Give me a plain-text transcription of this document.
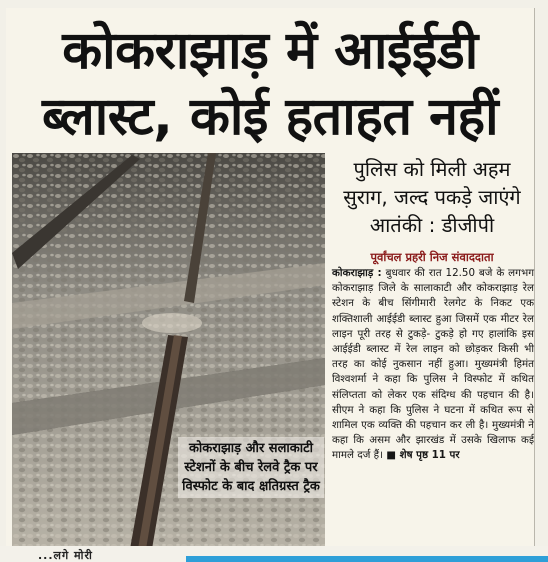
कोकराझाड़ में आईईडी
ब्लास्ट, कोई हताहत नहीं
कोकराझाड़ और सलाकाटी स्टेशनों के बीच रेलवे ट्रैक पर विस्फोट के बाद क्षतिग्रस्त ट्रैक
पुलिस को मिली अहम सुराग, जल्द पकड़े जाएंगे आतंकी : डीजीपी
पूर्वांचल प्रहरी निज संवाददाता
कोकराझाड़ : बुधवार की रात 12.50 बजे के लगभग कोकराझाड़ जिले के सालाकाटी और कोकराझाड़ रेल स्टेशन के बीच सिंगीमारी रेलगेट के निकट एक शक्तिशाली आईईडी ब्लास्ट हुआ जिसमें एक मीटर रेल लाइन पूरी तरह से टुकड़े- टुकड़े हो गए हालांकि इस आईईडी ब्लास्ट में रेल लाइन को छोड़कर किसी भी तरह का कोई नुकसान नहीं हुआ। मुख्यमंत्री हिमंत विश्वशर्मा ने कहा कि पुलिस ने विस्फोट में कथित संलिप्तता को लेकर एक संदिग्ध की पहचान की है। सीएम ने कहा कि पुलिस ने घटना में कथित रूप से शामिल एक व्यक्ति की पहचान कर ली है। मुख्यमंत्री ने कहा कि असम और झारखंड में उसके खिलाफ कई मामले दर्ज हैं। ■ शेष पृष्ठ 11 पर
...लगे मोरी
